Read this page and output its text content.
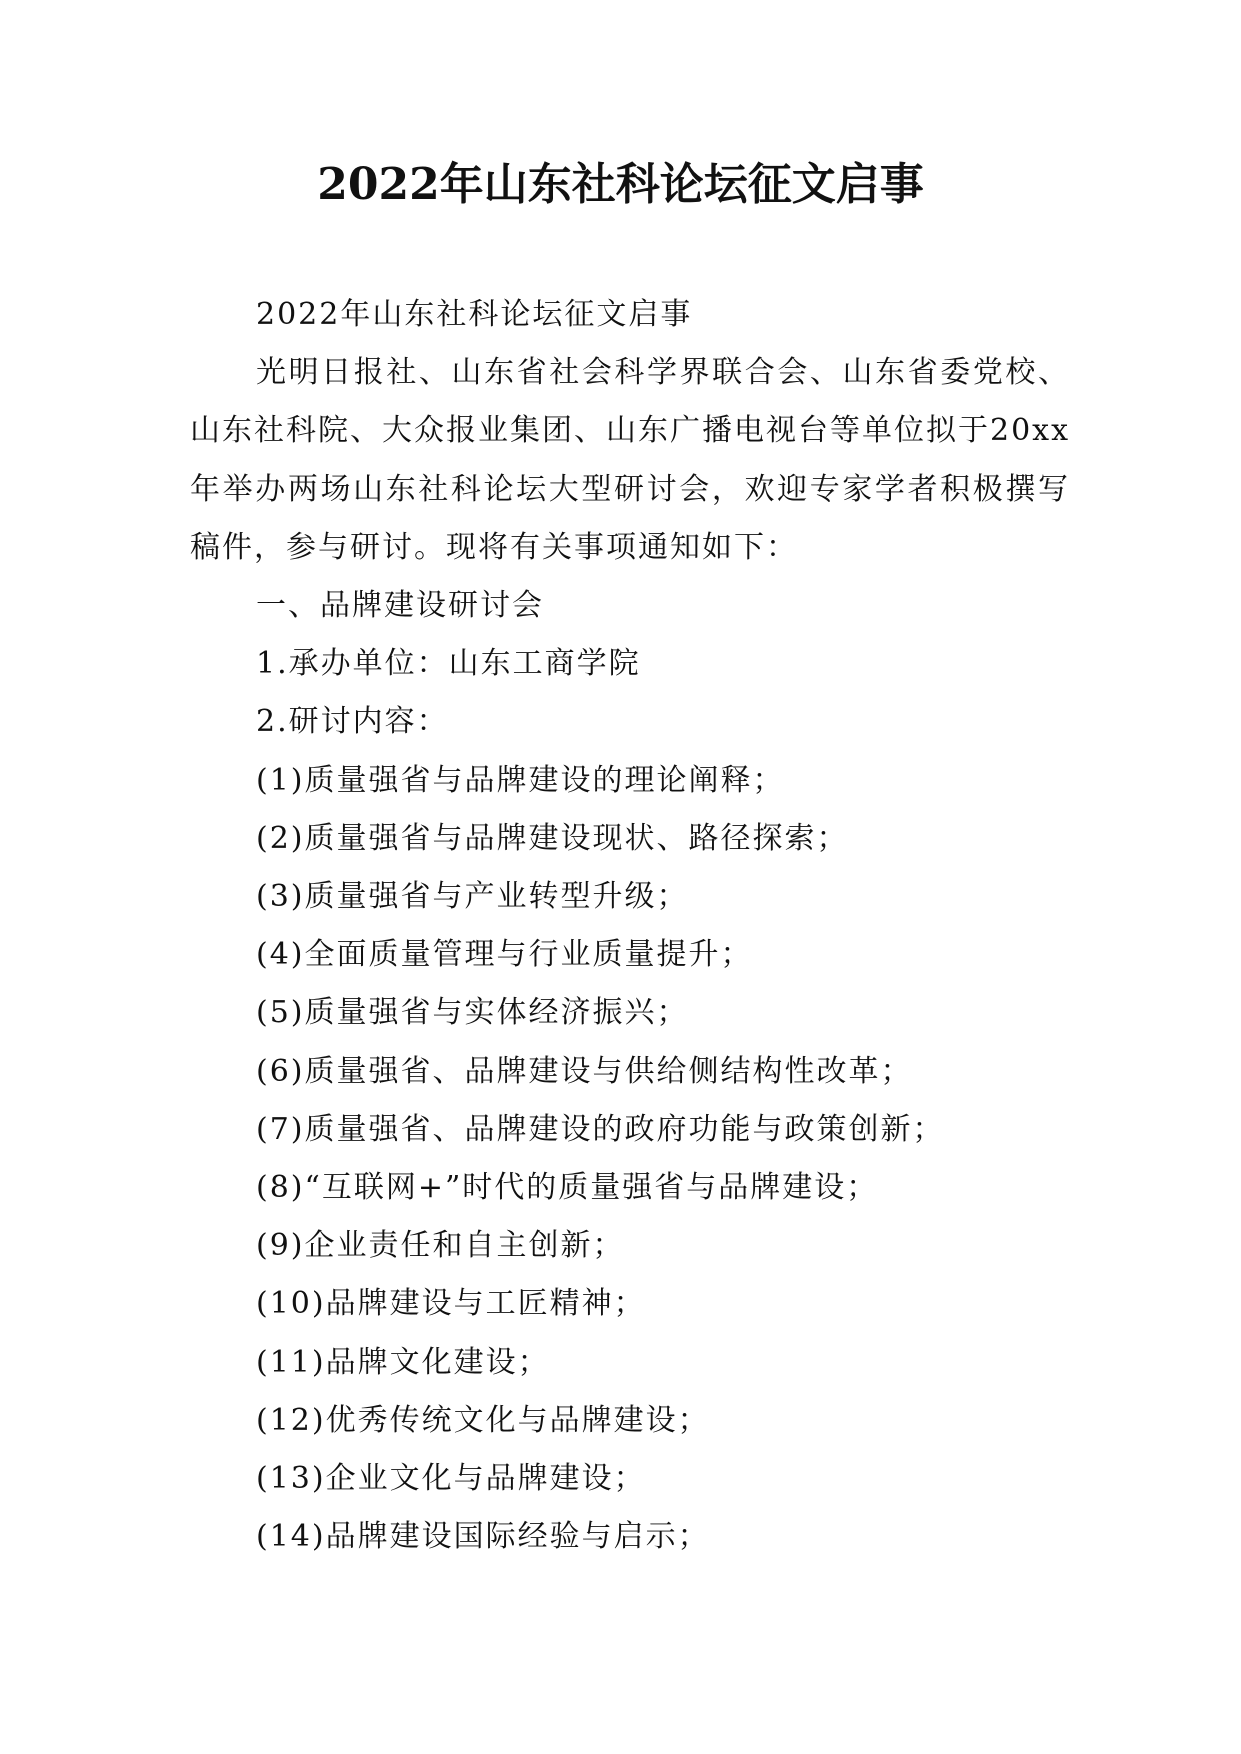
2022年山东社科论坛征文启事

2022年山东社科论坛征文启事

光明日报社、山东省社会科学界联合会、山东省委党校、山东社科院、大众报业集团、山东广播电视台等单位拟于20xx年举办两场山东社科论坛大型研讨会，欢迎专家学者积极撰写稿件，参与研讨。现将有关事项通知如下：

一、品牌建设研讨会

1.承办单位：山东工商学院

2.研讨内容：

(1)质量强省与品牌建设的理论阐释；

(2)质量强省与品牌建设现状、路径探索；

(3)质量强省与产业转型升级；

(4)全面质量管理与行业质量提升；

(5)质量强省与实体经济振兴；

(6)质量强省、品牌建设与供给侧结构性改革；

(7)质量强省、品牌建设的政府功能与政策创新；

(8)“互联网+”时代的质量强省与品牌建设；

(9)企业责任和自主创新；

(10)品牌建设与工匠精神；

(11)品牌文化建设；

(12)优秀传统文化与品牌建设；

(13)企业文化与品牌建设；

(14)品牌建设国际经验与启示；
